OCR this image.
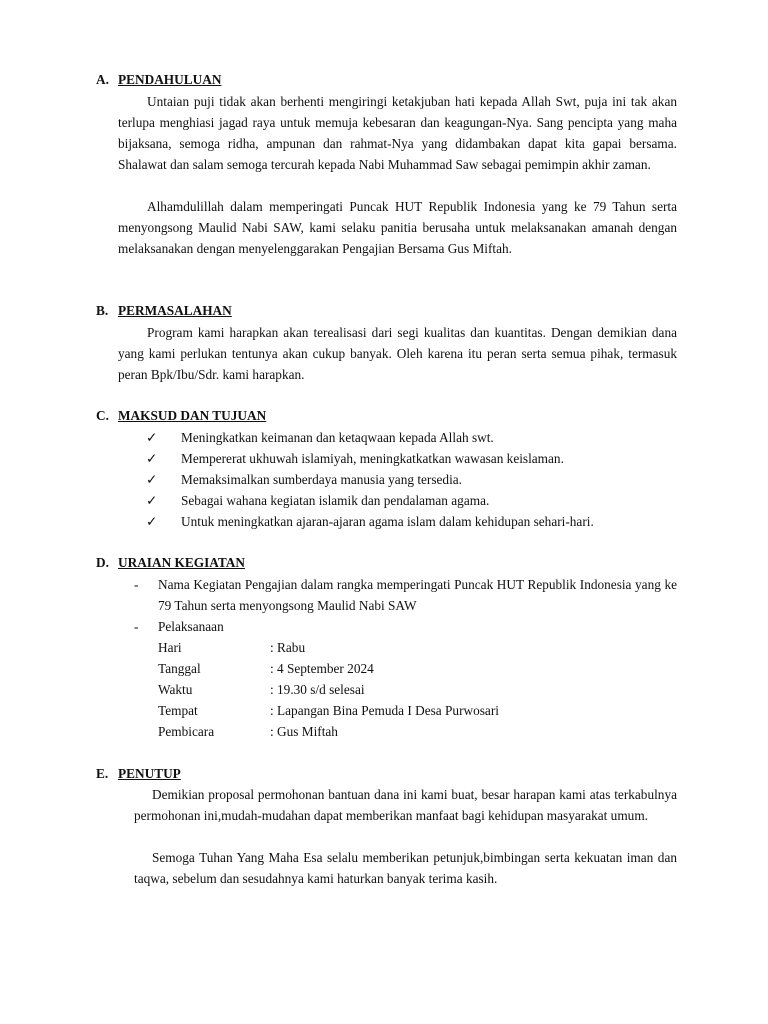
A. PENDAHULUAN
Untaian puji tidak akan berhenti mengiringi ketakjuban hati kepada Allah Swt, puja ini tak akan terlupa menghiasi jagad raya untuk memuja kebesaran dan keagungan-Nya. Sang pencipta yang maha bijaksana, semoga ridha, ampunan dan rahmat-Nya yang didambakan dapat kita gapai bersama. Shalawat dan salam semoga tercurah kepada Nabi Muhammad Saw sebagai pemimpin akhir zaman.
Alhamdulillah dalam memperingati Puncak HUT Republik Indonesia yang ke 79 Tahun serta menyongsong Maulid Nabi SAW, kami selaku panitia berusaha untuk melaksanakan amanah dengan melaksanakan dengan menyelenggarakan Pengajian Bersama Gus Miftah.
B. PERMASALAHAN
Program kami harapkan akan terealisasi dari segi kualitas dan kuantitas. Dengan demikian dana yang kami perlukan tentunya akan cukup banyak. Oleh karena itu peran serta semua pihak, termasuk peran Bpk/Ibu/Sdr. kami harapkan.
C. MAKSUD DAN TUJUAN
✓	Meningkatkan keimanan dan ketaqwaan kepada Allah swt.
✓	Mempererat ukhuwah islamiyah, meningkatkatkan wawasan keislaman.
✓	Memaksimalkan sumberdaya manusia yang tersedia.
✓	Sebagai wahana kegiatan islamik dan pendalaman agama.
✓	Untuk meningkatkan ajaran-ajaran agama islam dalam kehidupan sehari-hari.
D. URAIAN KEGIATAN
- Nama Kegiatan Pengajian dalam rangka memperingati Puncak HUT Republik Indonesia yang ke 79 Tahun serta menyongsong Maulid Nabi SAW
- Pelaksanaan
Hari	: Rabu
Tanggal	: 4 September 2024
Waktu	: 19.30 s/d selesai
Tempat	: Lapangan Bina Pemuda I Desa Purwosari
Pembicara	: Gus Miftah
E. PENUTUP
Demikian proposal permohonan bantuan dana ini kami buat, besar harapan kami atas terkabulnya permohonan ini,mudah-mudahan dapat memberikan manfaat bagi kehidupan masyarakat umum.
Semoga Tuhan Yang Maha Esa selalu memberikan petunjuk,bimbingan serta kekuatan iman dan taqwa, sebelum dan sesudahnya kami haturkan banyak terima kasih.
